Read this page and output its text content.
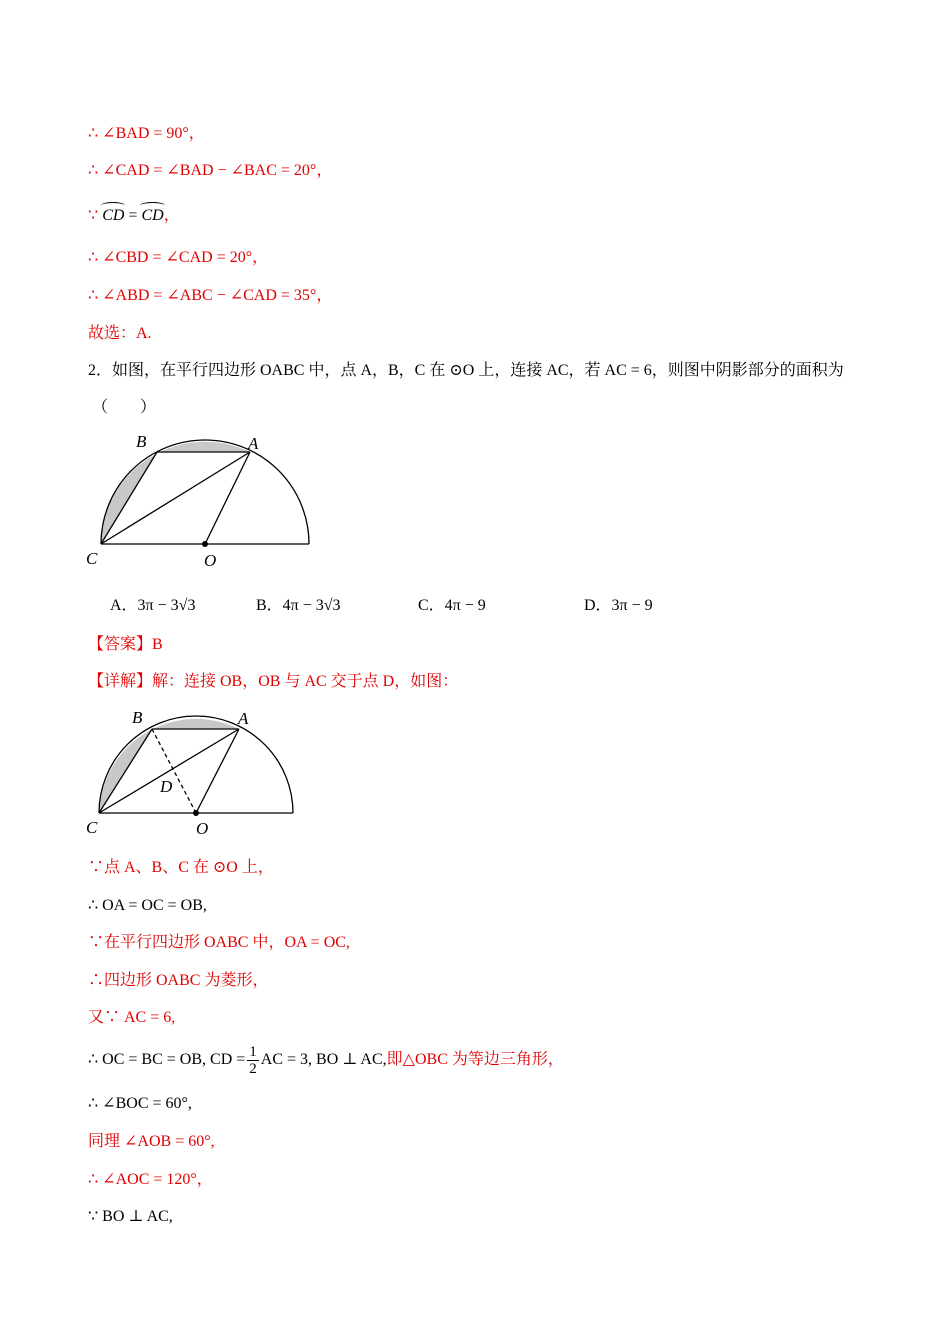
∴ ∠BAD = 90°，
∴ ∠CAD = ∠BAD − ∠BAC = 20°，
∵ CD = CD，
∴ ∠CBD = ∠CAD = 20°，
∴ ∠ABD = ∠ABC − ∠CAD = 35°，
故选：A.
2．如图，在平行四边形 OABC 中，点 A，B，C 在 ⊙O 上，连接 AC，若 AC = 6，则图中阴影部分的面积为
（　　）
B	A
C	O
A．3π − 3√3	B．4π − 3√3	C．4π − 9	D．3π − 9
【答案】B
【详解】解：连接 OB，OB 与 AC 交于点 D，如图：
B	A
D
C	O
∵点 A、B、C 在 ⊙O 上，
∴ OA = OC = OB,
∵在平行四边形 OABC 中，OA = OC,
∴四边形 OABC 为菱形，
又∵ AC = 6,
∴ OC = BC = OB, CD = $\frac{1}{2}$ AC = 3, BO ⊥ AC,即△OBC 为等边三角形，
∴ ∠BOC = 60°,
同理 ∠AOB = 60°,
∴ ∠AOC = 120°，
∵ BO ⊥ AC,
